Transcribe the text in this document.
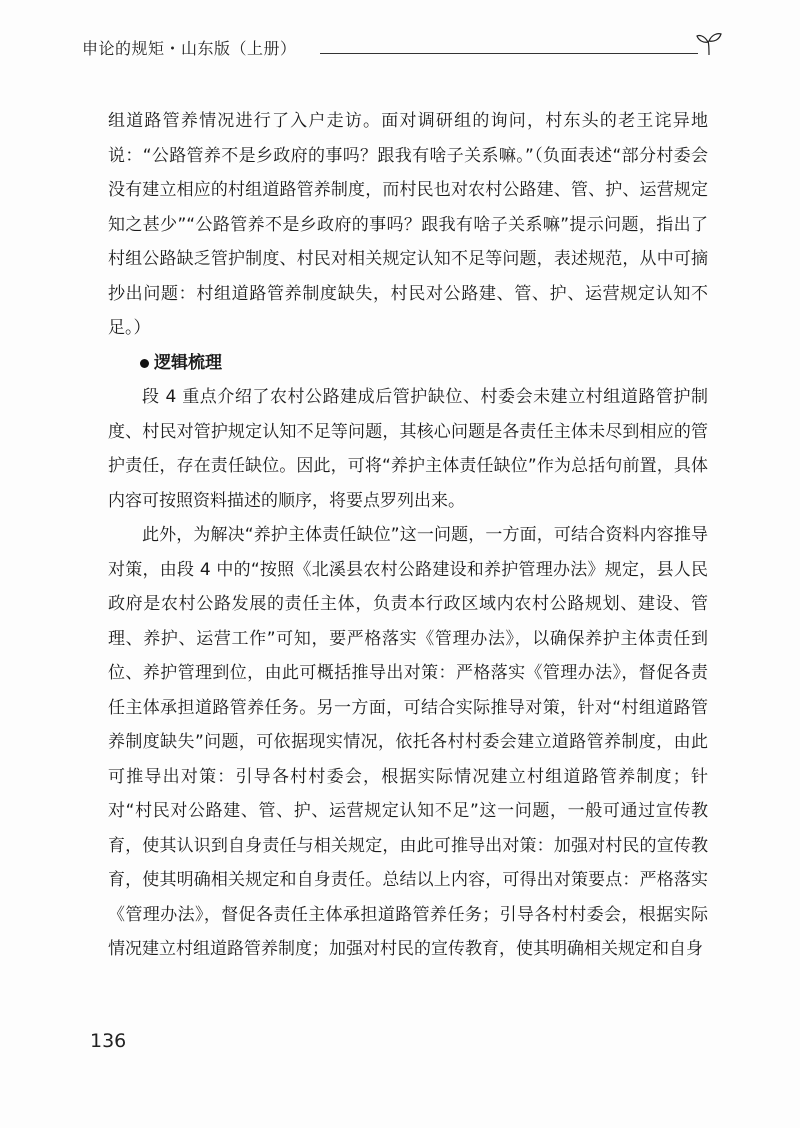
申论的规矩・山东版（上册）

组道路管养情况进行了入户走访。面对调研组的询问，村东头的老王诧异地说：“公路管养不是乡政府的事吗？跟我有啥子关系嘛。”（负面表述“部分村委会没有建立相应的村组道路管养制度，而村民也对农村公路建、管、护、运营规定知之甚少”“公路管养不是乡政府的事吗？跟我有啥子关系嘛”提示问题，指出了村组公路缺乏管护制度、村民对相关规定认知不足等问题，表述规范，从中可摘抄出问题：村组道路管养制度缺失，村民对公路建、管、护、运营规定认知不足。）

逻辑梳理

段 4 重点介绍了农村公路建成后管护缺位、村委会未建立村组道路管护制度、村民对管护规定认知不足等问题，其核心问题是各责任主体未尽到相应的管护责任，存在责任缺位。因此，可将“养护主体责任缺位”作为总括句前置，具体内容可按照资料描述的顺序，将要点罗列出来。

此外，为解决“养护主体责任缺位”这一问题，一方面，可结合资料内容推导对策，由段 4 中的“按照《北溪县农村公路建设和养护管理办法》规定，县人民政府是农村公路发展的责任主体，负责本行政区域内农村公路规划、建设、管理、养护、运营工作”可知，要严格落实《管理办法》，以确保养护主体责任到位、养护管理到位，由此可概括推导出对策：严格落实《管理办法》，督促各责任主体承担道路管养任务。另一方面，可结合实际推导对策，针对“村组道路管养制度缺失”问题，可依据现实情况，依托各村村委会建立道路管养制度，由此可推导出对策：引导各村村委会，根据实际情况建立村组道路管养制度；针对“村民对公路建、管、护、运营规定认知不足”这一问题，一般可通过宣传教育，使其认识到自身责任与相关规定，由此可推导出对策：加强对村民的宣传教育，使其明确相关规定和自身责任。总结以上内容，可得出对策要点：严格落实《管理办法》，督促各责任主体承担道路管养任务；引导各村村委会，根据实际情况建立村组道路管养制度；加强对村民的宣传教育，使其明确相关规定和自身

136
